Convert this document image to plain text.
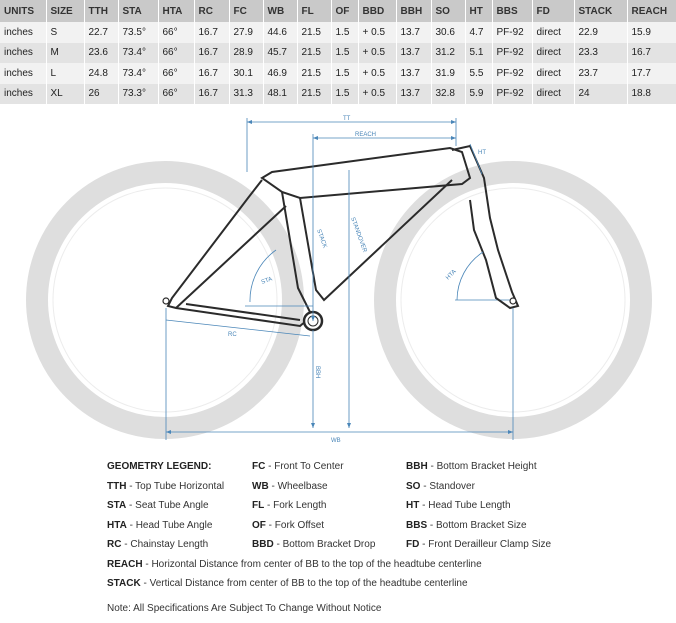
UNITS	SIZE	TTH	STA	HTA	RC	FC	WB	FL	OF	BBD	BBH	SO	HT	BBS	FD	STACK	REACH
inches	S	22.7	73.5°	66°	16.7	27.9	44.6	21.5	1.5	+ 0.5	13.7	30.6	4.7	PF-92	direct	22.9	15.9
inches	M	23.6	73.4°	66°	16.7	28.9	45.7	21.5	1.5	+ 0.5	13.7	31.2	5.1	PF-92	direct	23.3	16.7
inches	L	24.8	73.4°	66°	16.7	30.1	46.9	21.5	1.5	+ 0.5	13.7	31.9	5.5	PF-92	direct	23.7	17.7
inches	XL	26	73.3°	66°	16.7	31.3	48.1	21.5	1.5	+ 0.5	13.7	32.8	5.9	PF-92	direct	24	18.8
TT
REACH
HT
STACK	STANDOVER
STA	HTA
RC
BBH
WB
GEOMETRY LEGEND:
TTH - Top Tube Horizontal
STA - Seat Tube Angle
HTA - Head Tube Angle
RC - Chainstay Length
FC - Front To Center
WB - Wheelbase
FL - Fork Length
OF - Fork Offset
BBD - Bottom Bracket Drop
BBH - Bottom Bracket Height
SO - Standover
HT - Head Tube Length
BBS - Bottom Bracket Size
FD - Front Derailleur Clamp Size
REACH - Horizontal Distance from center of BB to the top of the headtube centerline
STACK - Vertical Distance from center of BB to the top of the headtube centerline
Note: All Specifications Are Subject To Change Without Notice
